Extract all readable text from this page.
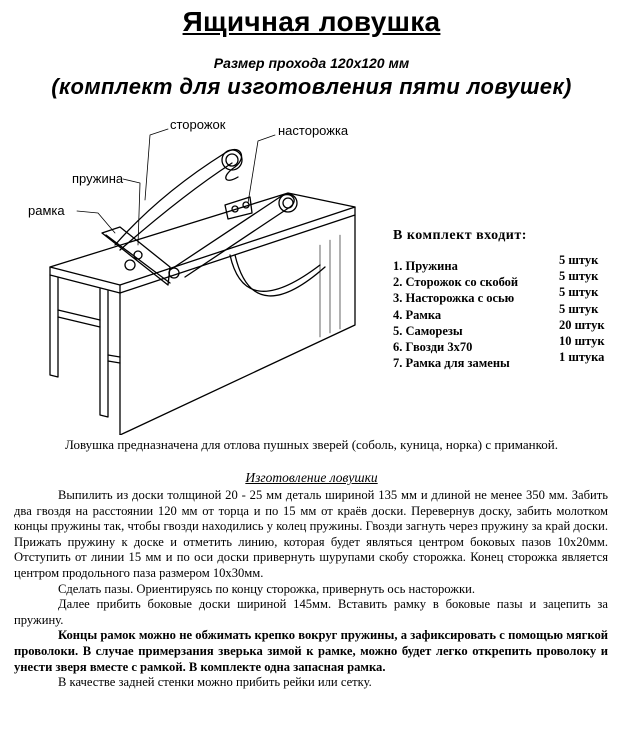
Ящичная ловушка
Размер прохода 120х120 мм
(комплект для изготовления пяти ловушек)
сторожок	насторожка
пружина
рамка
В комплект входит:
1. Пружина	5 штук
2. Сторожок со скобой	5 штук
3. Насторожка с осью	5 штук
4. Рамка	5 штук
5. Саморезы	20 штук
6. Гвозди 3х70	10 штук
7. Рамка для замены	1 штука
Ловушка предназначена для отлова пушных зверей (соболь, куница, норка) с приманкой.
Изготовление ловушки

Выпилить из доски толщиной 20 - 25 мм деталь шириной 135 мм и длиной не менее 350 мм. Забить два гвоздя на расстоянии 120 мм от торца и по 15 мм от краёв доски. Перевернув доску, забить молотком концы пружины так, чтобы гвозди находились у колец пружины. Гвозди загнуть через пружину за край доски. Прижать пружину к доске и отметить линию, которая будет являться центром боковых пазов 10х20мм. Отступить от линии 15 мм и по оси доски привернуть шурупами скобу сторожка. Конец сторожка является центром продольного паза размером 10х30мм.

Сделать пазы. Ориентируясь по концу сторожка, привернуть ось насторожки.

Далее прибить боковые доски шириной 145мм. Вставить рамку в боковые пазы и зацепить за пружину.

Концы рамок можно не обжимать крепко вокруг пружины, а зафиксировать с помощью мягкой проволоки. В случае примерзания зверька зимой к рамке, можно будет легко открепить проволоку и унести зверя вместе с рамкой. В комплекте одна запасная рамка.

В качестве задней стенки можно прибить рейки или сетку.
